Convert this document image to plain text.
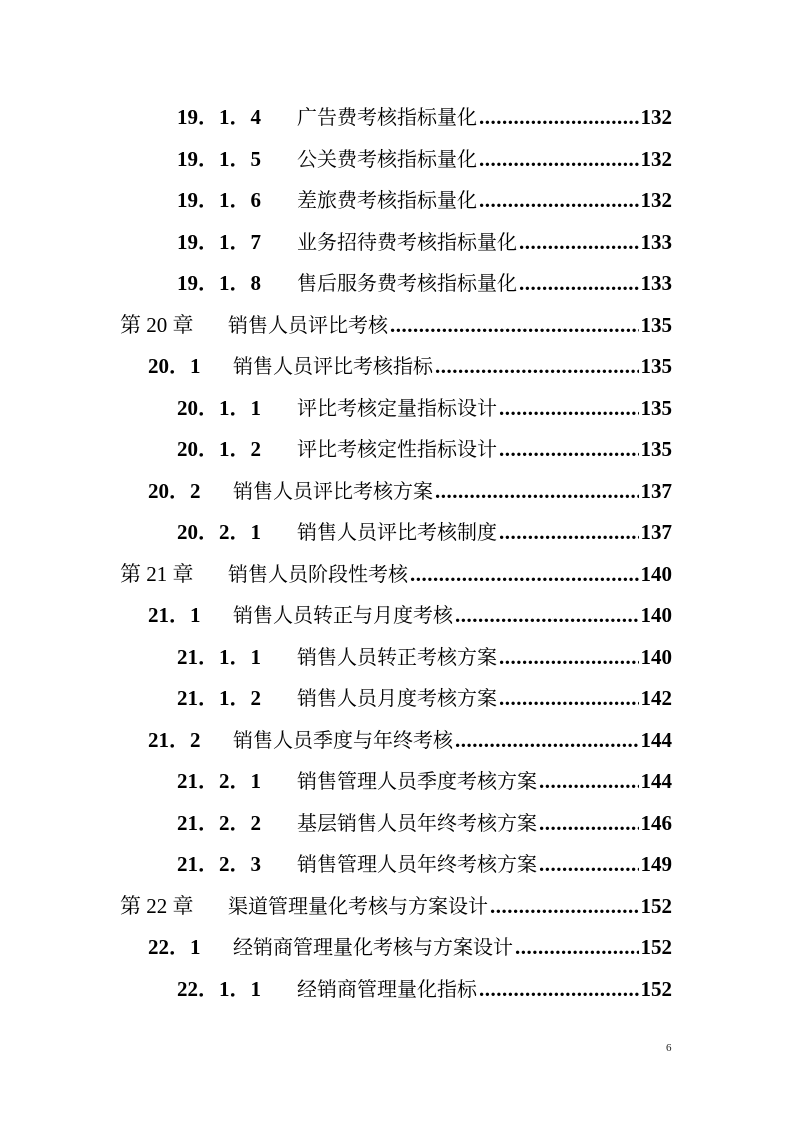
19．1．4 广告费考核指标量化 .....	132
19．1．5 公关费考核指标量化 .....	132
19．1．6 差旅费考核指标量化 .....	132
19．1．7 业务招待费考核指标量化 .....	133
19．1．8 售后服务费考核指标量化 .....	133
第 20 章 销售人员评比考核 .....	135
20．1 销售人员评比考核指标 .....	135
20．1．1 评比考核定量指标设计 .....	135
20．1．2 评比考核定性指标设计 .....	135
20．2 销售人员评比考核方案 .....	137
20．2．1 销售人员评比考核制度 .....	137
第 21 章 销售人员阶段性考核 .....	140
21．1 销售人员转正与月度考核 .....	140
21．1．1 销售人员转正考核方案 .....	140
21．1．2 销售人员月度考核方案 .....	142
21．2 销售人员季度与年终考核 .....	144
21．2．1 销售管理人员季度考核方案 .....	144
21．2．2 基层销售人员年终考核方案 .....	146
21．2．3 销售管理人员年终考核方案 .....	149
第 22 章 渠道管理量化考核与方案设计 .....	152
22．1 经销商管理量化考核与方案设计 .....	152
22．1．1 经销商管理量化指标 .....	152
6
